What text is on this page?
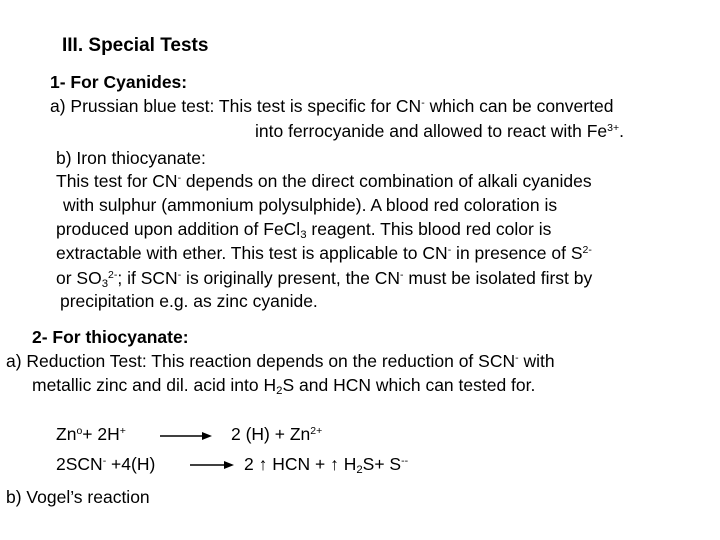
III. Special Tests
1- For Cyanides:
a) Prussian blue test: This test is specific for CN- which can be converted
into ferrocyanide and allowed to react with $Fe^{3+}$.
b) Iron thiocyanate:
This test for CN- depends on the direct combination of alkali cyanides
with sulphur (ammonium polysulphide). A blood red coloration is
produced upon addition of FeCl$_3$ reagent. This blood red color is
extractable with ether. This test is applicable to CN- in presence of $S^{2-}$
or $SO_3^{2-}$; if SCN- is originally present, the CN- must be isolated first by
precipitation e.g. as zinc cyanide.
2- For thiocyanate:
a) Reduction Test: This reaction depends on the reduction of SCN- with
metallic zinc and dil. acid into $H_2S$ and HCN which can tested for.
$Zn^o+ 2H^+ \to 2$ $(H) + Zn^{2+}$
2SCN- +4(H) → 2 ↑ HCN + ↑ $H_2S+ S^{--}$
b) Vogel’s reaction
